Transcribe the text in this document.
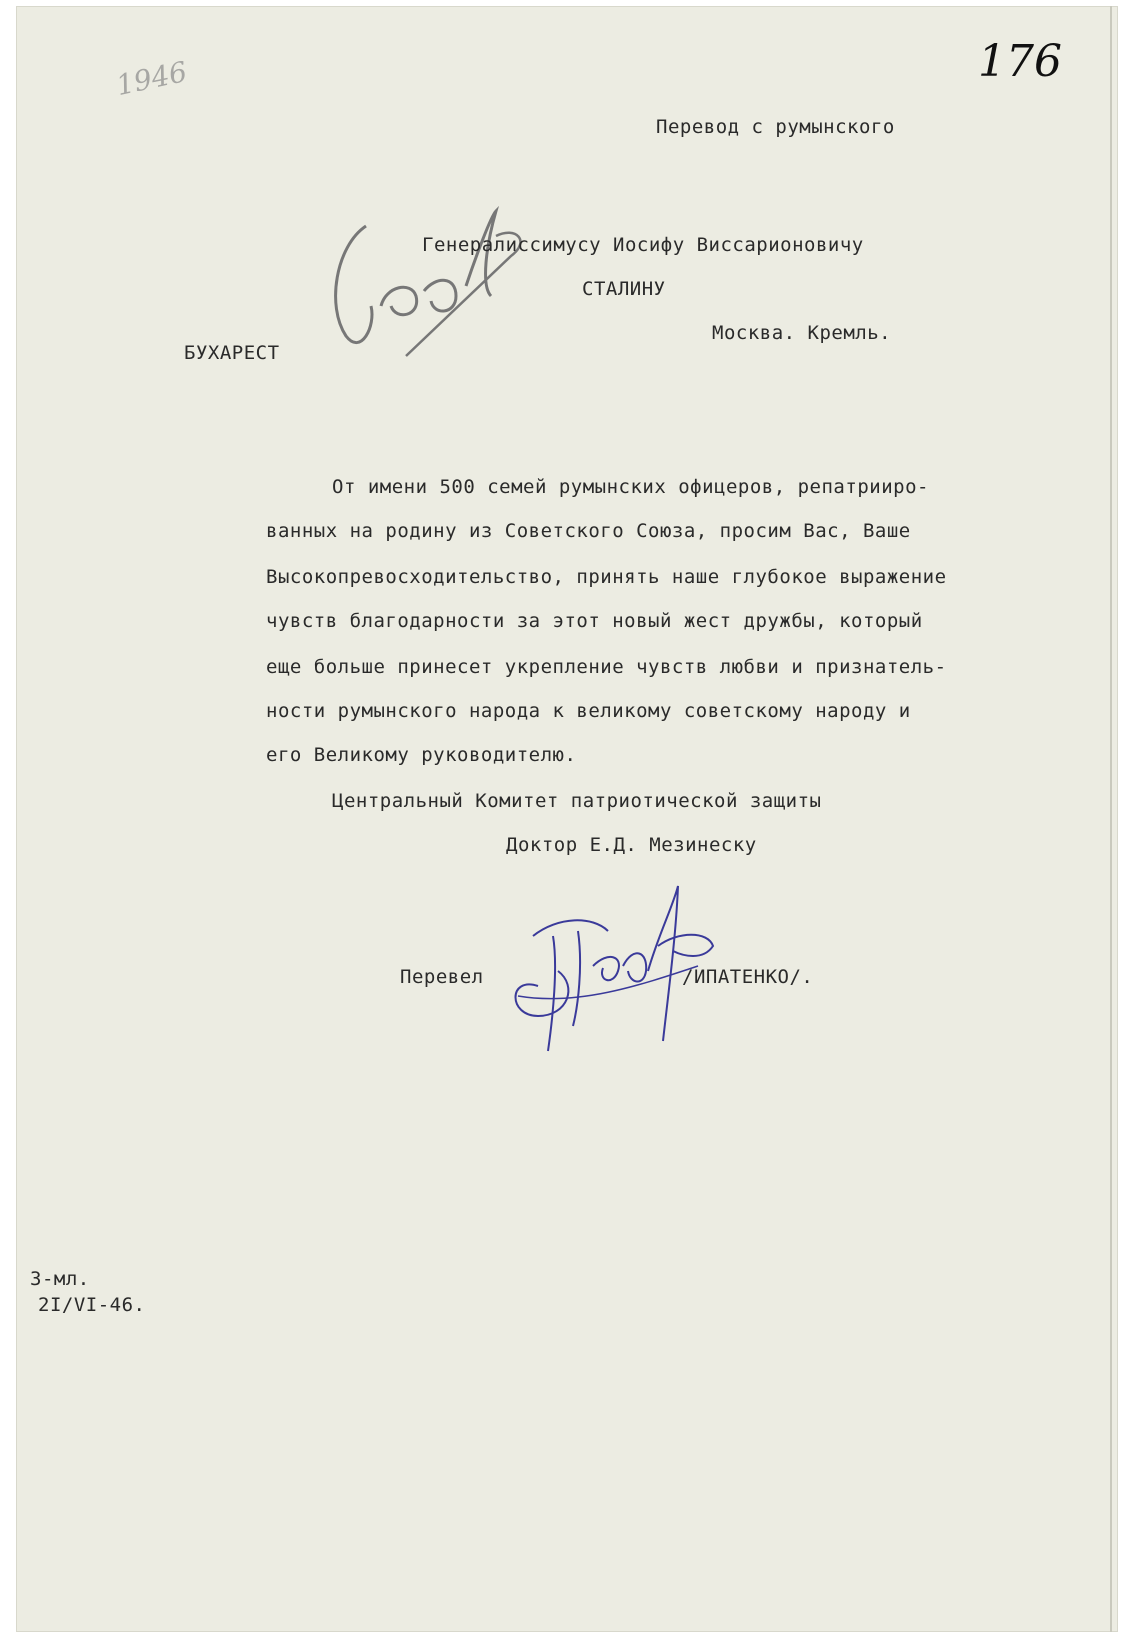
176
1946
Перевод с румынского
Генералиссимусу Иосифу Виссарионовичу
СТАЛИНУ
Москва. Кремль.
БУХАРЕСТ
От имени 500 семей румынских офицеров, репатрииро-
ванных на родину из Советского Союза, просим Вас, Ваше
Высокопревосходительство, принять наше глубокое выражение
чувств благодарности за этот новый жест дружбы, который
еще больше принесет укрепление чувств любви и признатель-
ности румынского народа к великому советскому народу и
его Великому руководителю.
Центральный Комитет патриотической защиты
Доктор Е.Д. Мезинеску
Перевел	/ИПАТЕНКО/.
3-мл.
2I/VI-46.
